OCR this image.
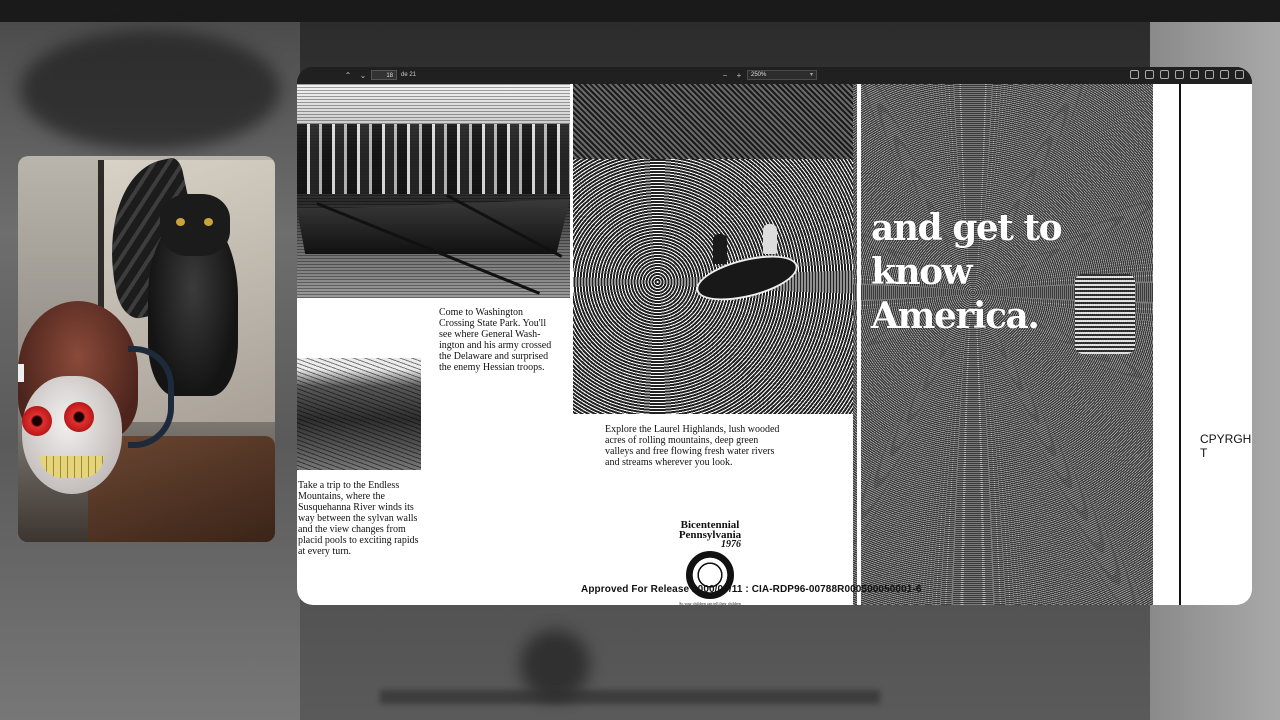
⌃	⌄	18	de 21	−	+	250%	▾
and get to know
America.
CPYRGHT
Come to Washington Crossing State Park. You'll see where General Wash-ington and his army crossed the Delaware and surprised the enemy Hessian troops.
Explore the Laurel Highlands, lush wooded acres of rolling mountains, deep green valleys and free flowing fresh water rivers and streams wherever you look.
Take a trip to the Endless Mountains, where the Susquehanna River winds its way between the sylvan walls and the view changes from placid pools to exciting rapids at every turn.
Bicentennial
Pennsylvania
1976
So your children can tell their children
Approved For Release 2000/09/11 : CIA-RDP96-00788R000500050001-6
